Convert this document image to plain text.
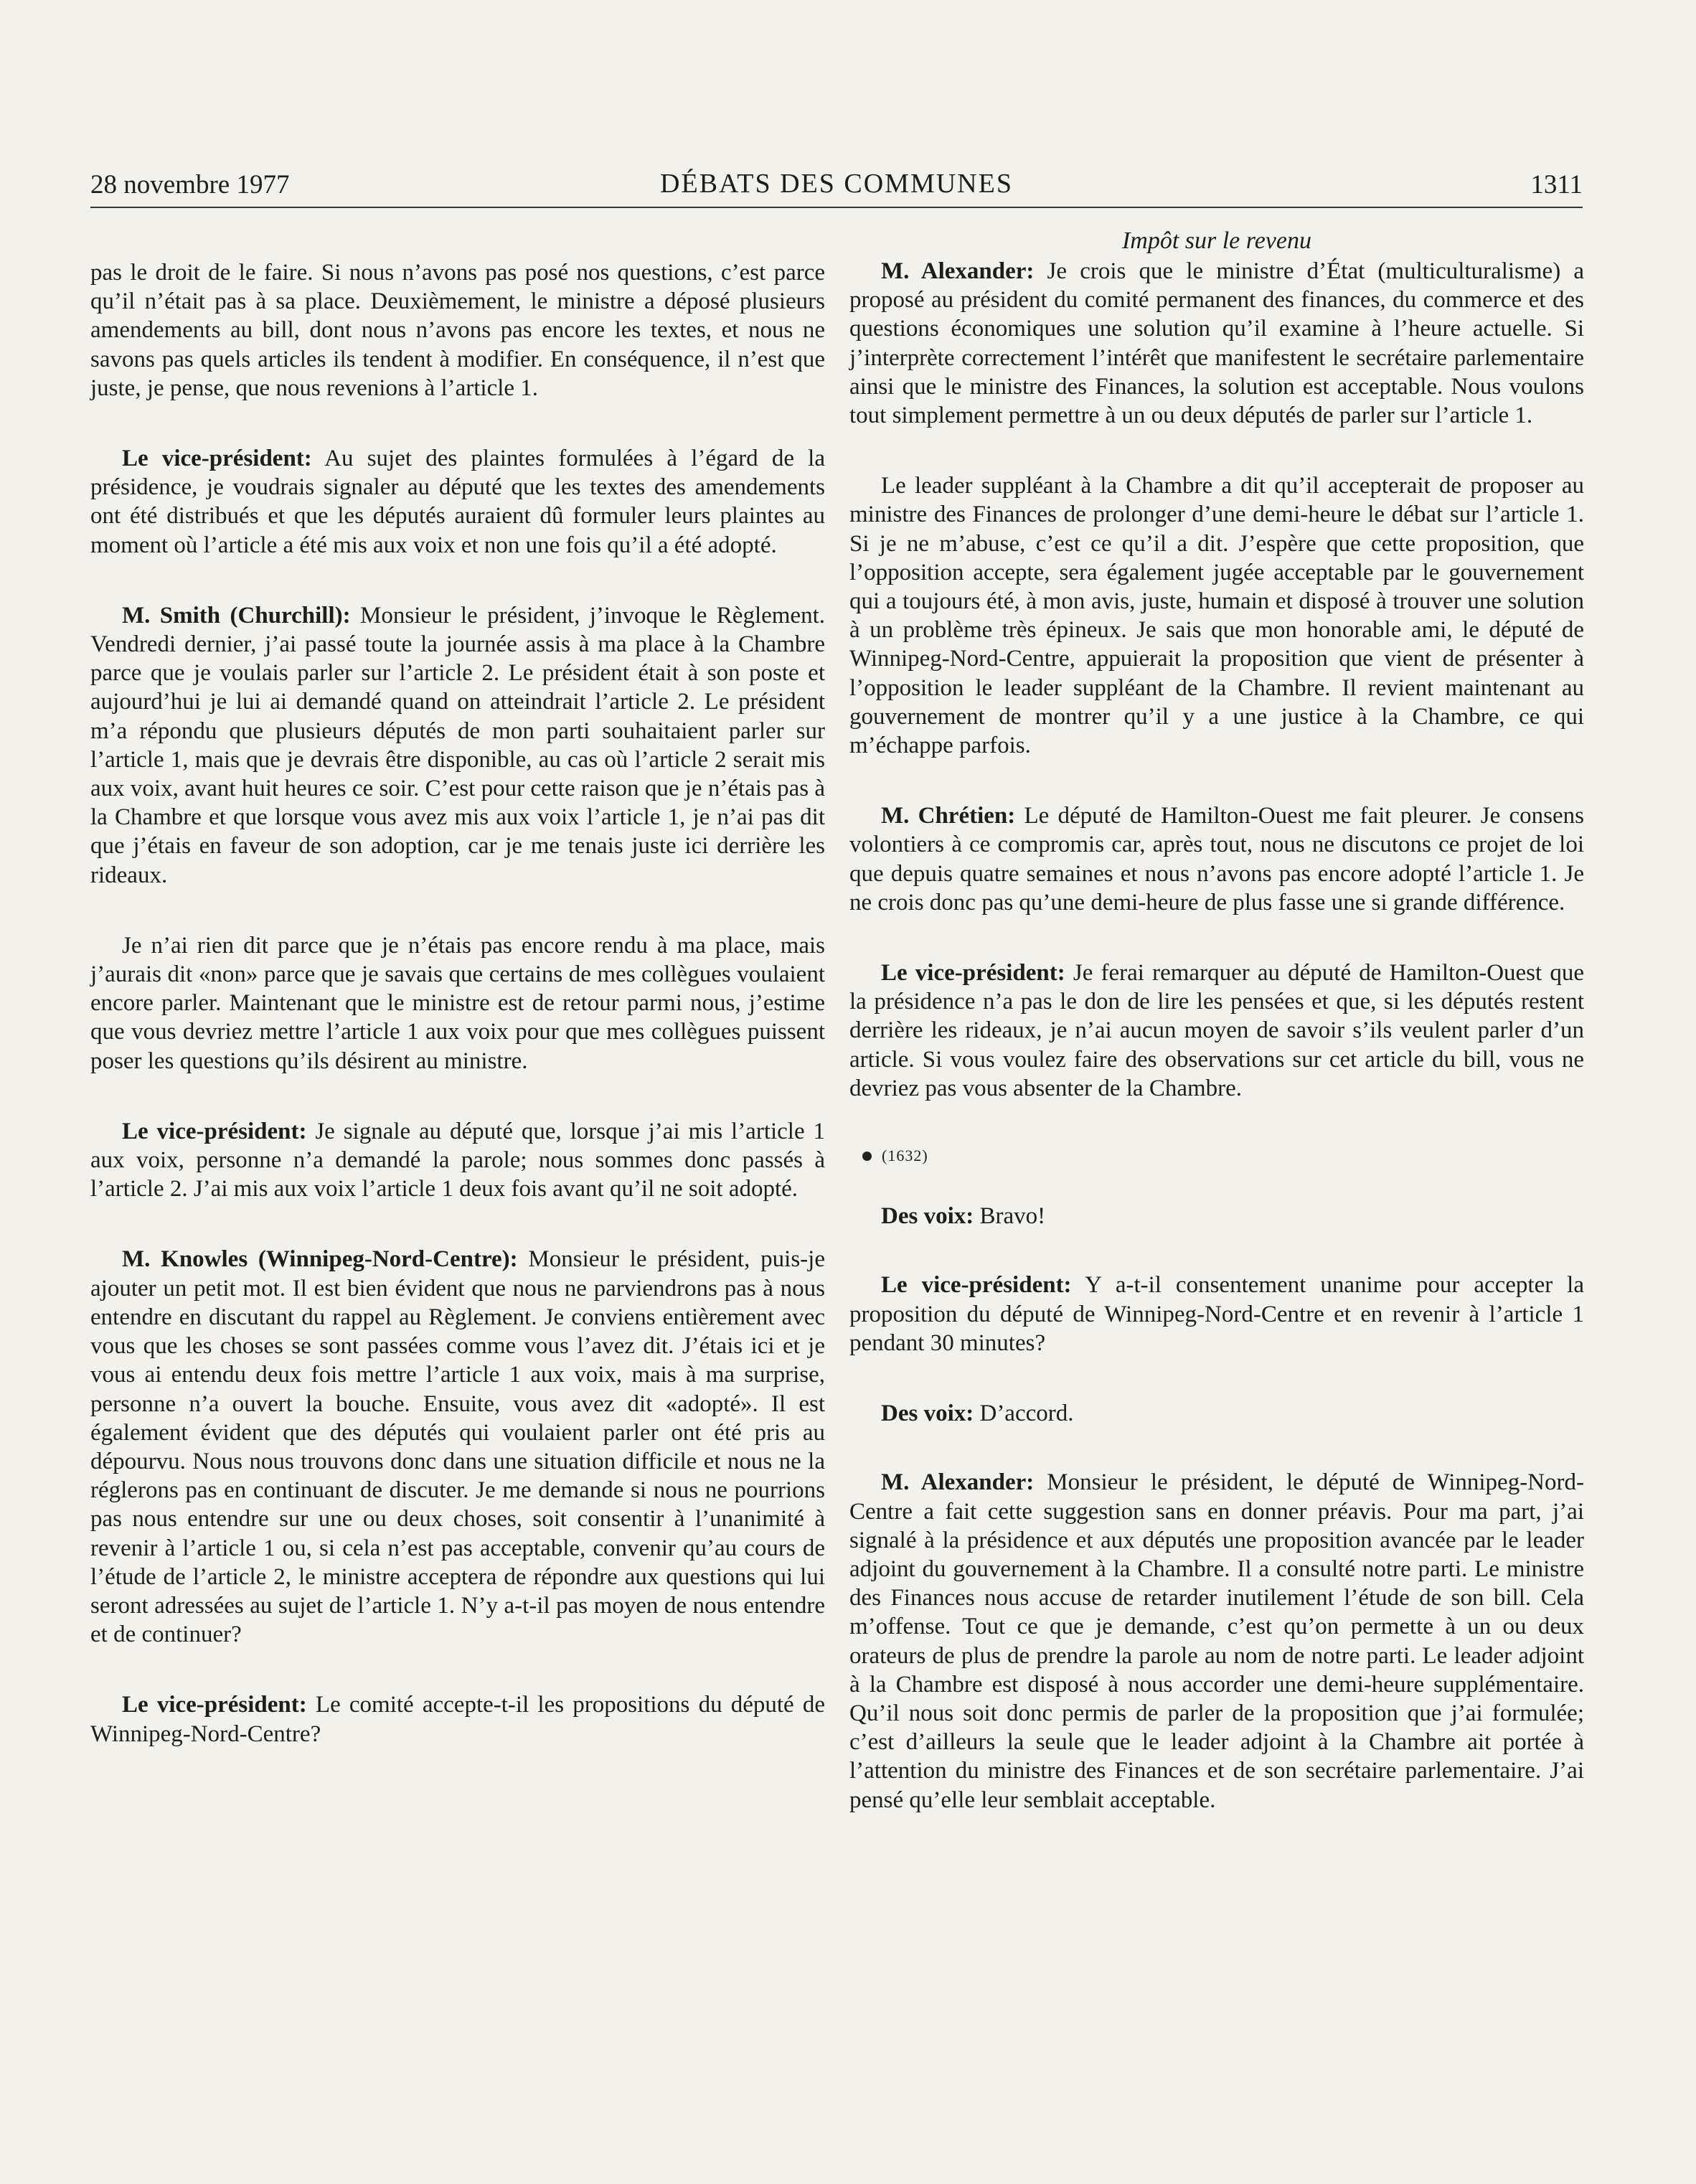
28 novembre 1977	DÉBATS DES COMMUNES	1311

pas le droit de le faire. Si nous n’avons pas posé nos questions, c’est parce qu’il n’était pas à sa place. Deuxièmement, le ministre a déposé plusieurs amendements au bill, dont nous n’avons pas encore les textes, et nous ne savons pas quels articles ils tendent à modifier. En conséquence, il n’est que juste, je pense, que nous revenions à l’article 1.

Le vice-président: Au sujet des plaintes formulées à l’égard de la présidence, je voudrais signaler au député que les textes des amendements ont été distribués et que les députés auraient dû formuler leurs plaintes au moment où l’article a été mis aux voix et non une fois qu’il a été adopté.

M. Smith (Churchill): Monsieur le président, j’invoque le Règlement. Vendredi dernier, j’ai passé toute la journée assis à ma place à la Chambre parce que je voulais parler sur l’article 2. Le président était à son poste et aujourd’hui je lui ai demandé quand on atteindrait l’article 2. Le président m’a répondu que plusieurs députés de mon parti souhaitaient parler sur l’article 1, mais que je devrais être disponible, au cas où l’article 2 serait mis aux voix, avant huit heures ce soir. C’est pour cette raison que je n’étais pas à la Chambre et que lorsque vous avez mis aux voix l’article 1, je n’ai pas dit que j’étais en faveur de son adoption, car je me tenais juste ici derrière les rideaux.

Je n’ai rien dit parce que je n’étais pas encore rendu à ma place, mais j’aurais dit «non» parce que je savais que certains de mes collègues voulaient encore parler. Maintenant que le ministre est de retour parmi nous, j’estime que vous devriez mettre l’article 1 aux voix pour que mes collègues puissent poser les questions qu’ils désirent au ministre.

Le vice-président: Je signale au député que, lorsque j’ai mis l’article 1 aux voix, personne n’a demandé la parole; nous sommes donc passés à l’article 2. J’ai mis aux voix l’article 1 deux fois avant qu’il ne soit adopté.

M. Knowles (Winnipeg-Nord-Centre): Monsieur le président, puis-je ajouter un petit mot. Il est bien évident que nous ne parviendrons pas à nous entendre en discutant du rappel au Règlement. Je conviens entièrement avec vous que les choses se sont passées comme vous l’avez dit. J’étais ici et je vous ai entendu deux fois mettre l’article 1 aux voix, mais à ma surprise, personne n’a ouvert la bouche. Ensuite, vous avez dit «adopté». Il est également évident que des députés qui voulaient parler ont été pris au dépourvu. Nous nous trouvons donc dans une situation difficile et nous ne la réglerons pas en continuant de discuter. Je me demande si nous ne pourrions pas nous entendre sur une ou deux choses, soit consentir à l’unanimité à revenir à l’article 1 ou, si cela n’est pas acceptable, convenir qu’au cours de l’étude de l’article 2, le ministre acceptera de répondre aux questions qui lui seront adressées au sujet de l’article 1. N’y a-t-il pas moyen de nous entendre et de continuer?

Le vice-président: Le comité accepte-t-il les propositions du député de Winnipeg-Nord-Centre?

Impôt sur le revenu

M. Alexander: Je crois que le ministre d’État (multiculturalisme) a proposé au président du comité permanent des finances, du commerce et des questions économiques une solution qu’il examine à l’heure actuelle. Si j’interprète correctement l’intérêt que manifestent le secrétaire parlementaire ainsi que le ministre des Finances, la solution est acceptable. Nous voulons tout simplement permettre à un ou deux députés de parler sur l’article 1.

Le leader suppléant à la Chambre a dit qu’il accepterait de proposer au ministre des Finances de prolonger d’une demi-heure le débat sur l’article 1. Si je ne m’abuse, c’est ce qu’il a dit. J’espère que cette proposition, que l’opposition accepte, sera également jugée acceptable par le gouvernement qui a toujours été, à mon avis, juste, humain et disposé à trouver une solution à un problème très épineux. Je sais que mon honorable ami, le député de Winnipeg-Nord-Centre, appuierait la proposition que vient de présenter à l’opposition le leader suppléant de la Chambre. Il revient maintenant au gouvernement de montrer qu’il y a une justice à la Chambre, ce qui m’échappe parfois.

M. Chrétien: Le député de Hamilton-Ouest me fait pleurer. Je consens volontiers à ce compromis car, après tout, nous ne discutons ce projet de loi que depuis quatre semaines et nous n’avons pas encore adopté l’article 1. Je ne crois donc pas qu’une demi-heure de plus fasse une si grande différence.

Le vice-président: Je ferai remarquer au député de Hamilton-Ouest que la présidence n’a pas le don de lire les pensées et que, si les députés restent derrière les rideaux, je n’ai aucun moyen de savoir s’ils veulent parler d’un article. Si vous voulez faire des observations sur cet article du bill, vous ne devriez pas vous absenter de la Chambre.

(1632)

Des voix: Bravo!

Le vice-président: Y a-t-il consentement unanime pour accepter la proposition du député de Winnipeg-Nord-Centre et en revenir à l’article 1 pendant 30 minutes?

Des voix: D’accord.

M. Alexander: Monsieur le président, le député de Winnipeg-Nord-Centre a fait cette suggestion sans en donner préavis. Pour ma part, j’ai signalé à la présidence et aux députés une proposition avancée par le leader adjoint du gouvernement à la Chambre. Il a consulté notre parti. Le ministre des Finances nous accuse de retarder inutilement l’étude de son bill. Cela m’offense. Tout ce que je demande, c’est qu’on permette à un ou deux orateurs de plus de prendre la parole au nom de notre parti. Le leader adjoint à la Chambre est disposé à nous accorder une demi-heure supplémentaire. Qu’il nous soit donc permis de parler de la proposition que j’ai formulée; c’est d’ailleurs la seule que le leader adjoint à la Chambre ait portée à l’attention du ministre des Finances et de son secrétaire parlementaire. J’ai pensé qu’elle leur semblait acceptable.
